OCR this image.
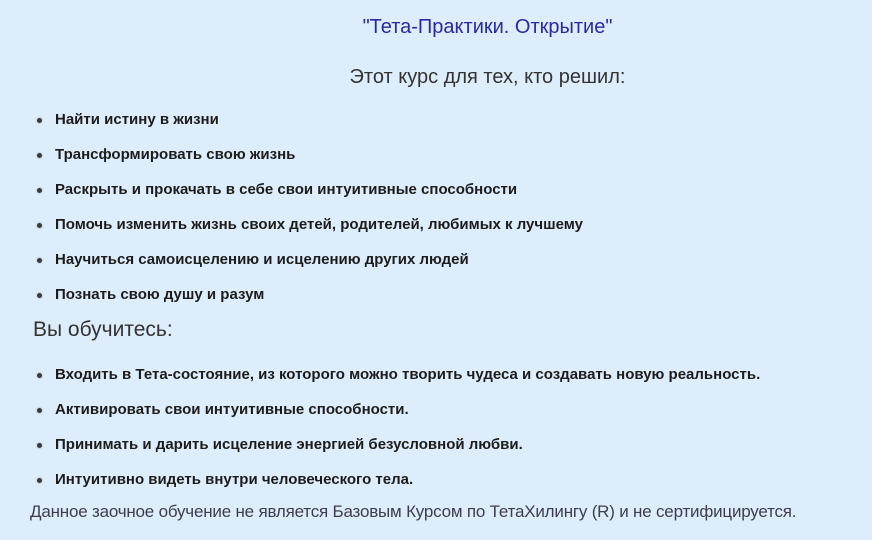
"Тета-Практики. Открытие"
Этот курс для тех, кто решил:
Найти истину в жизни
Трансформировать свою жизнь
Раскрыть и прокачать в себе свои интуитивные способности
Помочь изменить жизнь своих детей, родителей, любимых к лучшему
Научиться самоисцелению и исцелению других людей
Познать свою душу и разум
Вы обучитесь:
Входить в Тета-состояние, из которого можно творить чудеса и создавать новую реальность.
Активировать свои интуитивные способности.
Принимать и дарить исцеление энергией безусловной любви.
Интуитивно видеть внутри человеческого тела.

Данное заочное обучение не является Базовым Курсом по ТетаХилингу (R) и не сертифицируется.
